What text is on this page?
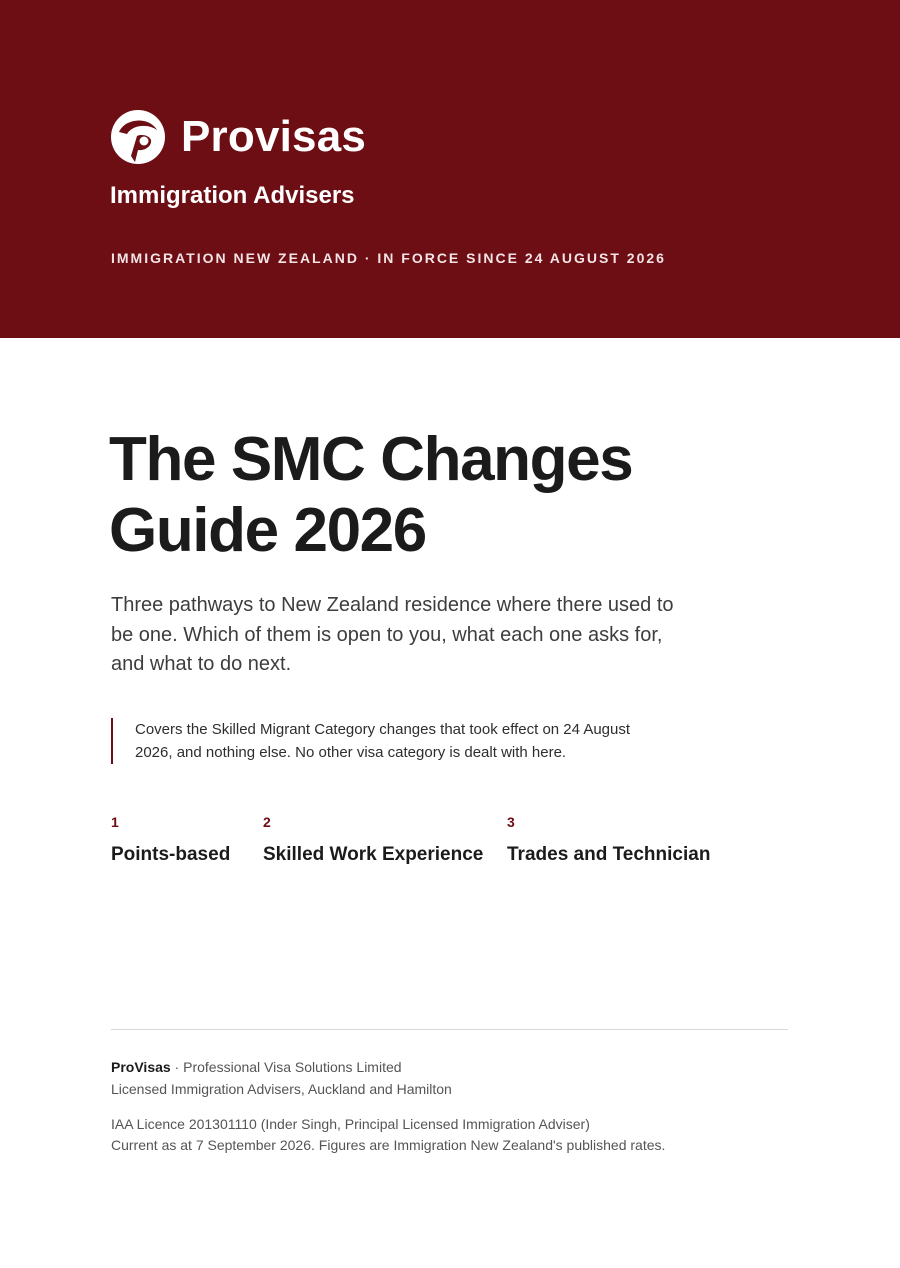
Provisas
Immigration Advisers
IMMIGRATION NEW ZEALAND · IN FORCE SINCE 24 AUGUST 2026
The SMC Changes Guide 2026

Three pathways to New Zealand residence where there used to be one. Which of them is open to you, what each one asks for, and what to do next.

Covers the Skilled Migrant Category changes that took effect on 24 August 2026, and nothing else. No other visa category is dealt with here.
1
Points-based
2
Skilled Work Experience
3
Trades and Technician
ProVisas · Professional Visa Solutions Limited
Licensed Immigration Advisers, Auckland and Hamilton
IAA Licence 201301110 (Inder Singh, Principal Licensed Immigration Adviser)
Current as at 7 September 2026. Figures are Immigration New Zealand's published rates.
